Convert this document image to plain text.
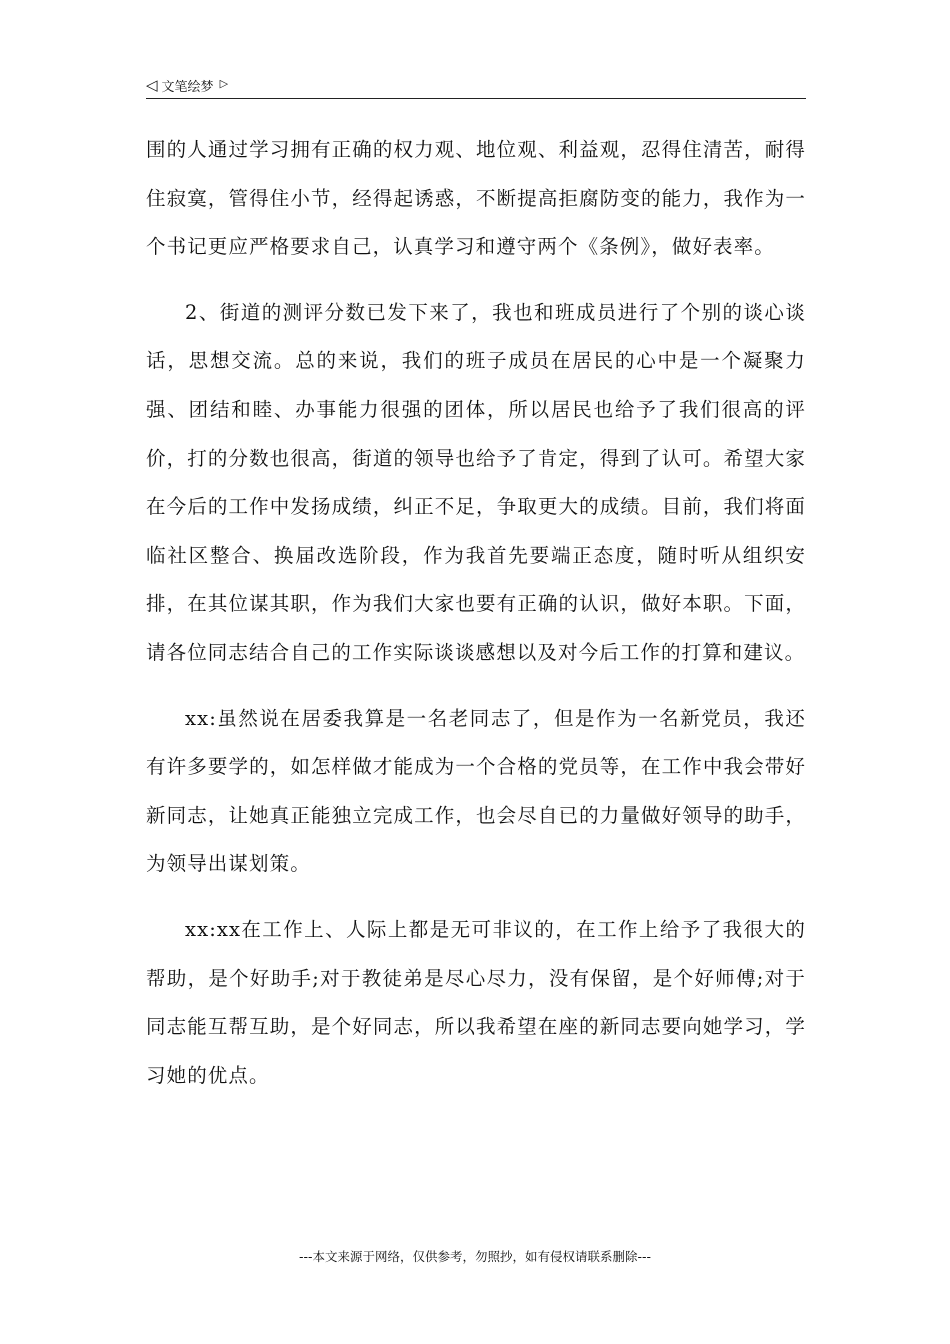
◁ 文笔绘梦 ▷

围的人通过学习拥有正确的权力观、地位观、利益观，忍得住清苦，耐得住寂寞，管得住小节，经得起诱惑，不断提高拒腐防变的能力，我作为一个书记更应严格要求自己，认真学习和遵守两个《条例》，做好表率。

2、街道的测评分数已发下来了，我也和班成员进行了个别的谈心谈话，思想交流。总的来说，我们的班子成员在居民的心中是一个凝聚力强、团结和睦、办事能力很强的团体，所以居民也给予了我们很高的评价，打的分数也很高，街道的领导也给予了肯定，得到了认可。希望大家在今后的工作中发扬成绩，纠正不足，争取更大的成绩。目前，我们将面临社区整合、换届改选阶段，作为我首先要端正态度，随时听从组织安排，在其位谋其职，作为我们大家也要有正确的认识，做好本职。下面，请各位同志结合自己的工作实际谈谈感想以及对今后工作的打算和建议。

xx:虽然说在居委我算是一名老同志了，但是作为一名新党员，我还有许多要学的，如怎样做才能成为一个合格的党员等，在工作中我会带好新同志，让她真正能独立完成工作，也会尽自已的力量做好领导的助手，为领导出谋划策。

xx:xx在工作上、人际上都是无可非议的，在工作上给予了我很大的帮助，是个好助手;对于教徒弟是尽心尽力，没有保留，是个好师傅;对于同志能互帮互助，是个好同志，所以我希望在座的新同志要向她学习，学习她的优点。

---本文来源于网络，仅供参考，勿照抄，如有侵权请联系删除---
